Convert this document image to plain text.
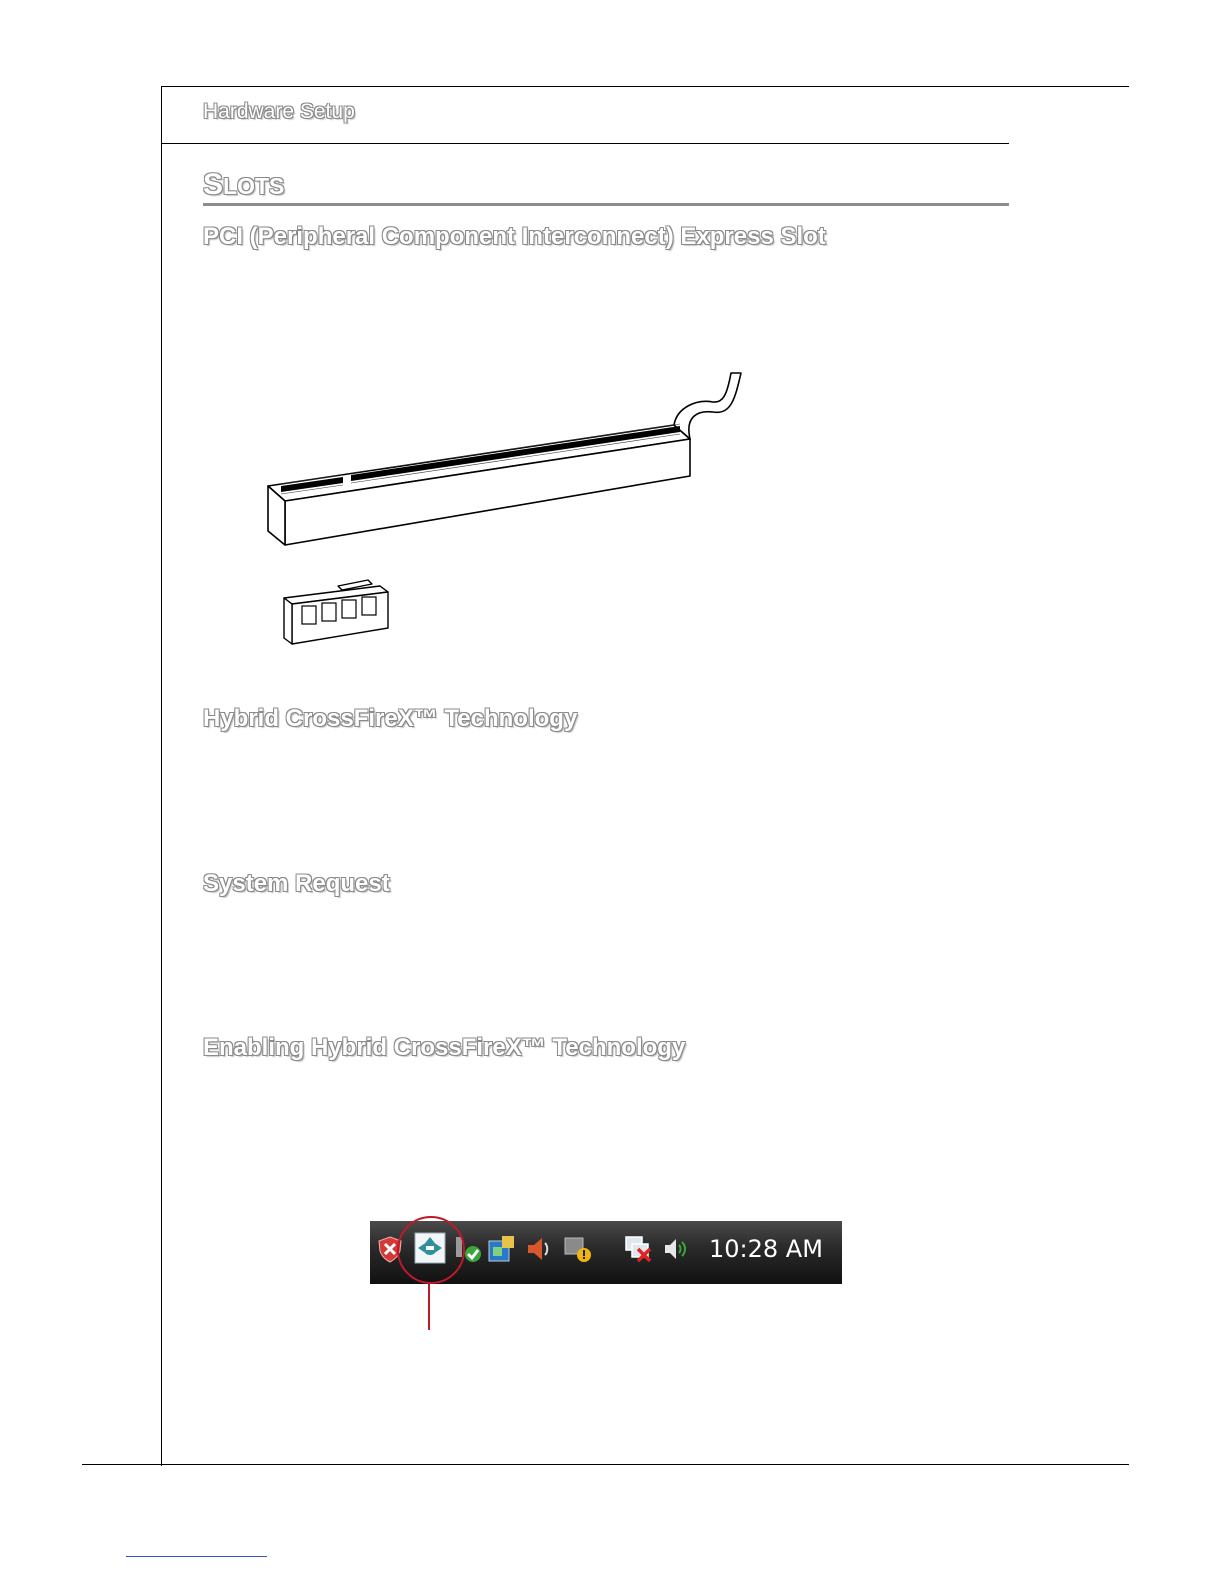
Hardware Setup
SLOTS
PCI (Peripheral Component Interconnect) Express Slot
Hybrid CrossFireX™ Technology
System Request
Enabling Hybrid CrossFireX™ Technology
10:28 AM
